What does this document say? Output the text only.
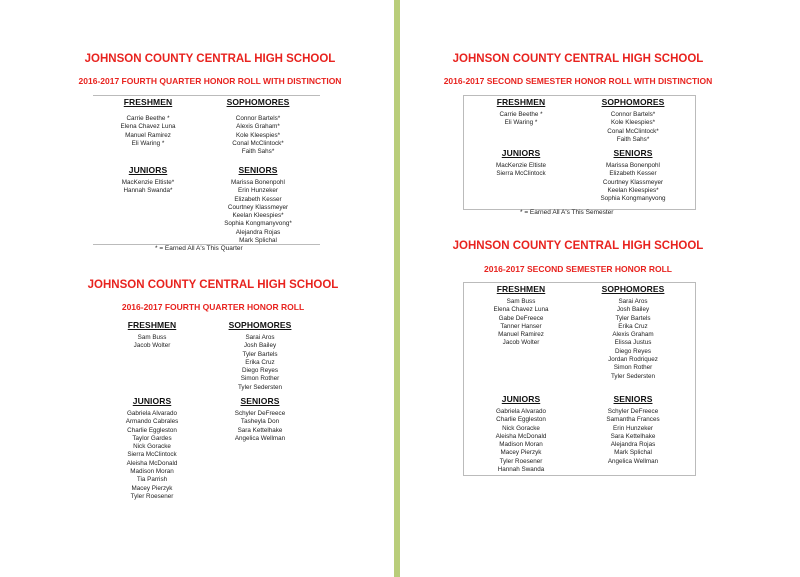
JOHNSON COUNTY CENTRAL HIGH SCHOOL
2016-2017 FOURTH QUARTER HONOR ROLL WITH DISTINCTION
FRESHMEN
Carrie Beethe *
Elena Chavez Luna
Manuel Ramirez
Eli Waring *
SOPHOMORES
Connor Bartels*
Alexis Graham*
Kole Kleespies*
Conal McClintock*
Faith Sahs*
JUNIORS
MacKenzie Eltiste*
Hannah Swanda*
SENIORS
Marissa Bonenpohl
Erin Hunzeker
Elizabeth Kesser
Courtney Klassmeyer
Keelan Kleespies*
Sophia Kongmanyvong*
Alejandra Rojas
Mark Splichal
* = Earned All A's This Quarter
JOHNSON COUNTY CENTRAL HIGH SCHOOL
2016-2017 FOURTH QUARTER HONOR ROLL
FRESHMEN
Sam Buss
Jacob Wolter
SOPHOMORES
Sarai Aros
Josh Bailey
Tyler Bartels
Erika Cruz
Diego Reyes
Simon Rother
Tyler Sedersten
JUNIORS
Gabriela Alvarado
Armando Cabrales
Charlie Eggleston
Taylor Gardes
Nick Goracke
Sierra McClintock
Aleisha McDonald
Madison Moran
Tia Parrish
Macey Pierzyk
Tyler Roesener
SENIORS
Schyler DeFreece
Tasheyla Don
Sara Kettelhake
Angelica Wellman
JOHNSON COUNTY CENTRAL HIGH SCHOOL
2016-2017 SECOND SEMESTER HONOR ROLL WITH DISTINCTION
FRESHMEN
Carrie Beethe *
Eli Waring *
SOPHOMORES
Connor Bartels*
Kole Kleespies*
Conal McClintock*
Faith Sahs*
JUNIORS
MacKenzie Eltiste
Sierra McClintock
SENIORS
Marissa Bonenpohl
Elizabeth Kesser
Courtney Klassmeyer
Keelan Kleespies*
Sophia Kongmanyvong
* = Earned All A's This Semester
JOHNSON COUNTY CENTRAL HIGH SCHOOL
2016-2017 SECOND SEMESTER HONOR ROLL
FRESHMEN
Sam Buss
Elena Chavez Luna
Gabe DeFreece
Tanner Hanser
Manuel Ramirez
Jacob Wolter
SOPHOMORES
Sarai Aros
Josh Bailey
Tyler Bartels
Erika Cruz
Alexis Graham
Elissa Justus
Diego Reyes
Jordan Rodriquez
Simon Rother
Tyler Sedersten
JUNIORS
Gabriela Alvarado
Charlie Eggleston
Nick Goracke
Aleisha McDonald
Madison Moran
Macey Pierzyk
Tyler Roesener
Hannah Swanda
SENIORS
Schyler DeFreece
Samantha Frances
Erin Hunzeker
Sara Kettelhake
Alejandra Rojas
Mark Splichal
Angelica Wellman
